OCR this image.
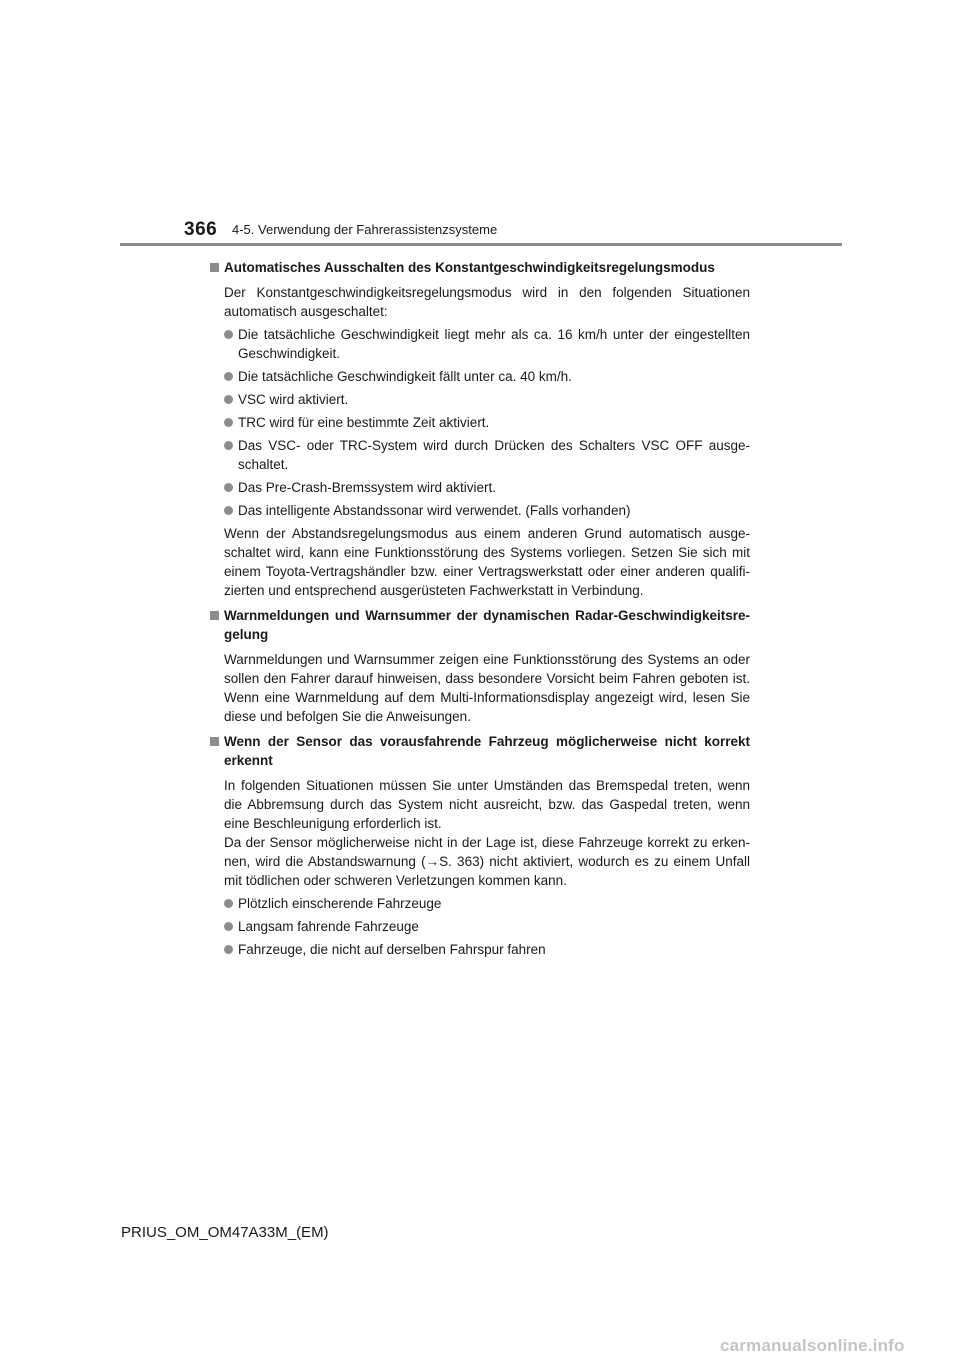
366 4-5. Verwendung der Fahrerassistenzsysteme
Automatisches Ausschalten des Konstantgeschwindigkeitsregelungsmodus
Der Konstantgeschwindigkeitsregelungsmodus wird in den folgenden Situationen automatisch ausgeschaltet:
Die tatsächliche Geschwindigkeit liegt mehr als ca. 16 km/h unter der eingestellten Geschwindigkeit.
Die tatsächliche Geschwindigkeit fällt unter ca. 40 km/h.
VSC wird aktiviert.
TRC wird für eine bestimmte Zeit aktiviert.
Das VSC- oder TRC-System wird durch Drücken des Schalters VSC OFF ausgeschaltet.
Das Pre-Crash-Bremssystem wird aktiviert.
Das intelligente Abstandssonar wird verwendet. (Falls vorhanden)
Wenn der Abstandsregelungsmodus aus einem anderen Grund automatisch ausgeschaltet wird, kann eine Funktionsstörung des Systems vorliegen. Setzen Sie sich mit einem Toyota-Vertragshändler bzw. einer Vertragswerkstatt oder einer anderen qualifizierten und entsprechend ausgerüsteten Fachwerkstatt in Verbindung.
Warnmeldungen und Warnsummer der dynamischen Radar-Geschwindigkeitsregelung
Warnmeldungen und Warnsummer zeigen eine Funktionsstörung des Systems an oder sollen den Fahrer darauf hinweisen, dass besondere Vorsicht beim Fahren geboten ist. Wenn eine Warnmeldung auf dem Multi-Informationsdisplay angezeigt wird, lesen Sie diese und befolgen Sie die Anweisungen.
Wenn der Sensor das vorausfahrende Fahrzeug möglicherweise nicht korrekt erkennt
In folgenden Situationen müssen Sie unter Umständen das Bremspedal treten, wenn die Abbremsung durch das System nicht ausreicht, bzw. das Gaspedal treten, wenn eine Beschleunigung erforderlich ist.
Da der Sensor möglicherweise nicht in der Lage ist, diese Fahrzeuge korrekt zu erkennen, wird die Abstandswarnung (→S. 363) nicht aktiviert, wodurch es zu einem Unfall mit tödlichen oder schweren Verletzungen kommen kann.
Plötzlich einscherende Fahrzeuge
Langsam fahrende Fahrzeuge
Fahrzeuge, die nicht auf derselben Fahrspur fahren
PRIUS_OM_OM47A33M_(EM)
carmanualsonline.info
